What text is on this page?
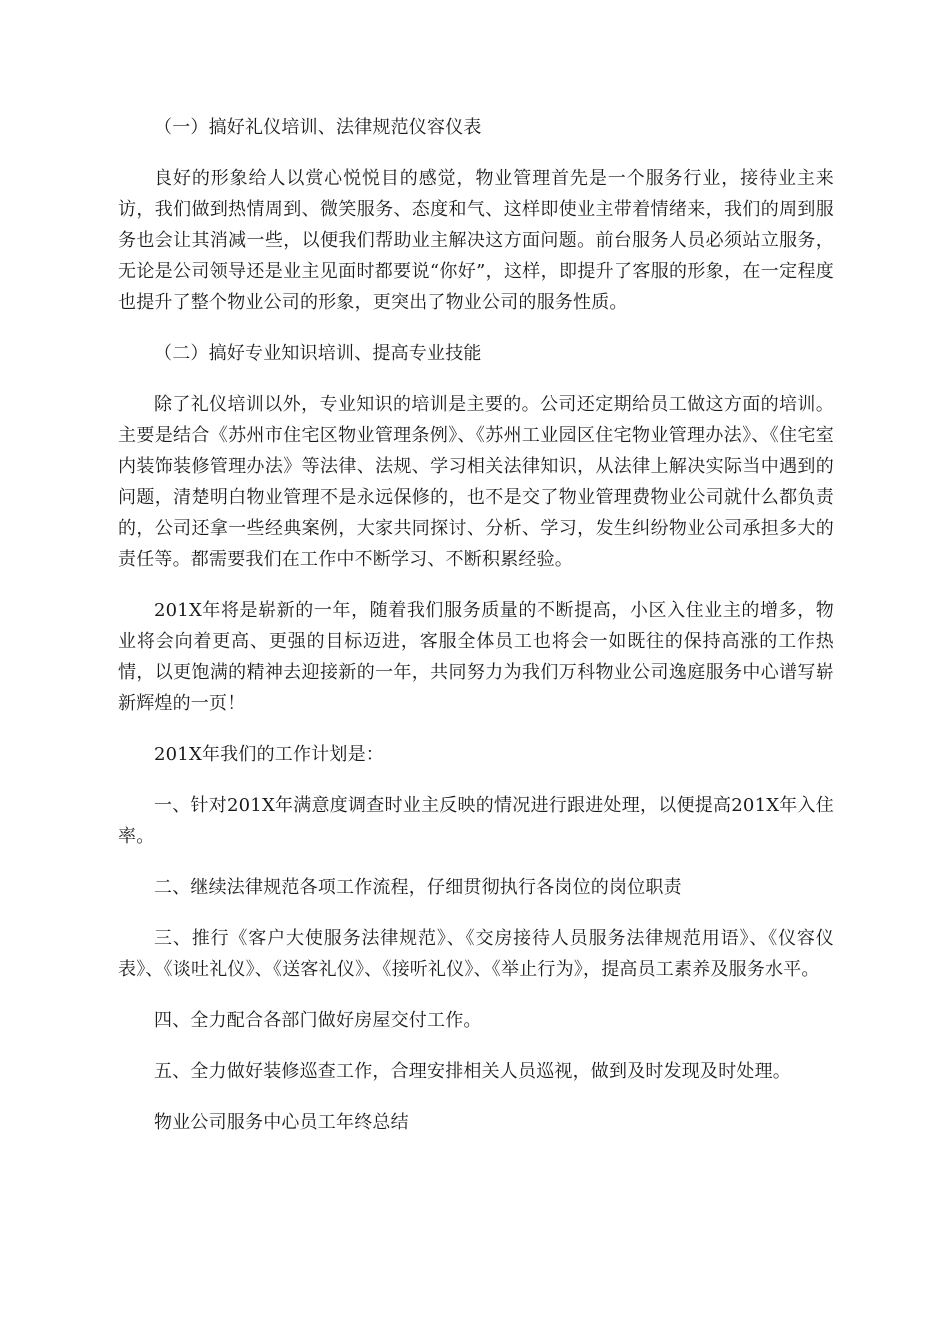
（一）搞好礼仪培训、法律规范仪容仪表

良好的形象给人以赏心悦悦目的感觉，物业管理首先是一个服务行业，接待业主来访，我们做到热情周到、微笑服务、态度和气、这样即使业主带着情绪来，我们的周到服务也会让其消减一些，以便我们帮助业主解决这方面问题。前台服务人员必须站立服务，无论是公司领导还是业主见面时都要说“你好”，这样，即提升了客服的形象，在一定程度也提升了整个物业公司的形象，更突出了物业公司的服务性质。

（二）搞好专业知识培训、提高专业技能

除了礼仪培训以外，专业知识的培训是主要的。公司还定期给员工做这方面的培训。主要是结合《苏州市住宅区物业管理条例》、《苏州工业园区住宅物业管理办法》、《住宅室内装饰装修管理办法》等法律、法规、学习相关法律知识，从法律上解决实际当中遇到的问题，清楚明白物业管理不是永远保修的，也不是交了物业管理费物业公司就什么都负责的，公司还拿一些经典案例，大家共同探讨、分析、学习，发生纠纷物业公司承担多大的责任等。都需要我们在工作中不断学习、不断积累经验。

201X年将是崭新的一年，随着我们服务质量的不断提高，小区入住业主的增多，物业将会向着更高、更强的目标迈进，客服全体员工也将会一如既往的保持高涨的工作热情，以更饱满的精神去迎接新的一年，共同努力为我们万科物业公司逸庭服务中心谱写崭新辉煌的一页！

201X年我们的工作计划是：

一、针对201X年满意度调查时业主反映的情况进行跟进处理，以便提高201X年入住率。

二、继续法律规范各项工作流程，仔细贯彻执行各岗位的岗位职责

三、推行《客户大使服务法律规范》、《交房接待人员服务法律规范用语》、《仪容仪表》、《谈吐礼仪》、《送客礼仪》、《接听礼仪》、《举止行为》，提高员工素养及服务水平。

四、全力配合各部门做好房屋交付工作。

五、全力做好装修巡查工作，合理安排相关人员巡视，做到及时发现及时处理。

物业公司服务中心员工年终总结
